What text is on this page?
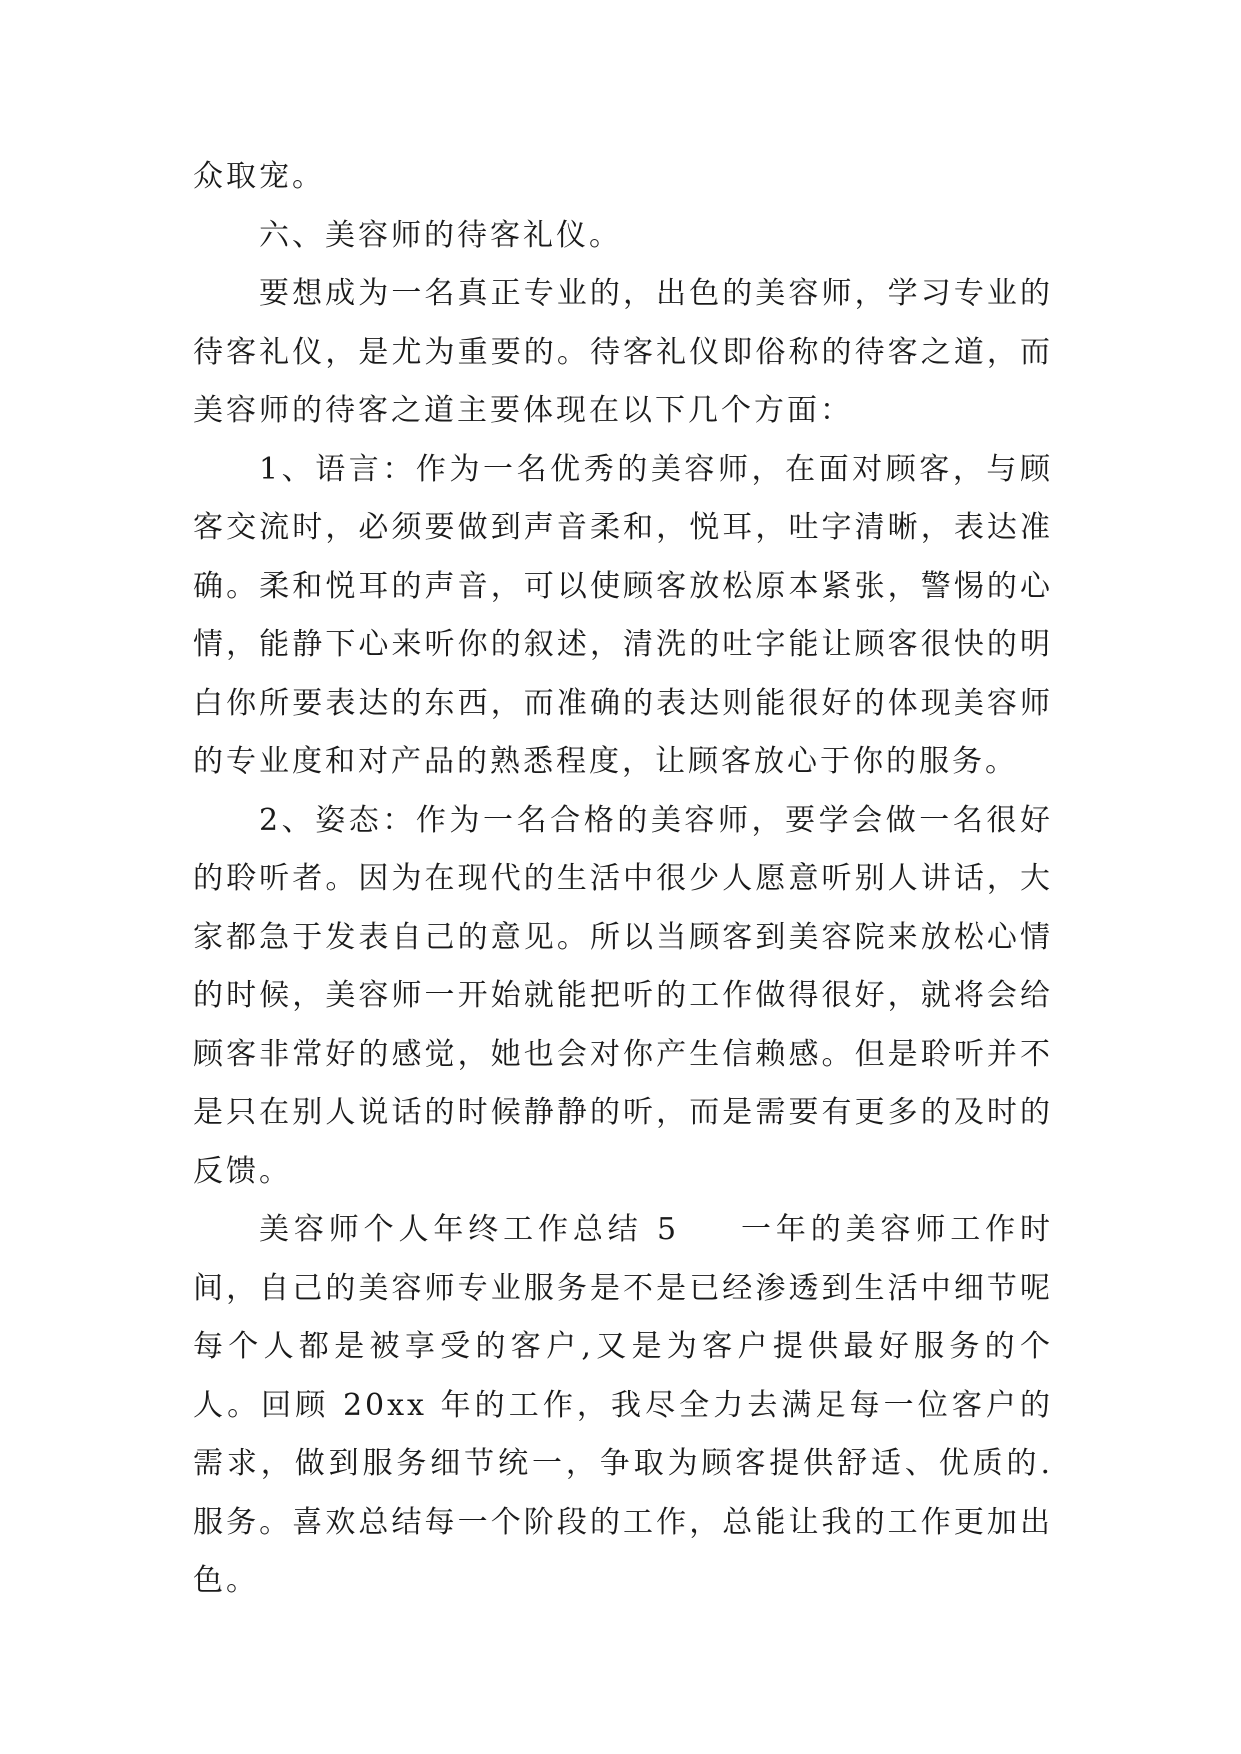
众取宠。

六、美容师的待客礼仪。

要想成为一名真正专业的，出色的美容师，学习专业的待客礼仪，是尤为重要的。待客礼仪即俗称的待客之道，而美容师的待客之道主要体现在以下几个方面：

1、语言：作为一名优秀的美容师，在面对顾客，与顾客交流时，必须要做到声音柔和，悦耳，吐字清晰，表达准确。柔和悦耳的声音，可以使顾客放松原本紧张，警惕的心情，能静下心来听你的叙述，清洗的吐字能让顾客很快的明白你所要表达的东西，而准确的表达则能很好的体现美容师的专业度和对产品的熟悉程度，让顾客放心于你的服务。

2、姿态：作为一名合格的美容师，要学会做一名很好的聆听者。因为在现代的生活中很少人愿意听别人讲话，大家都急于发表自己的意见。所以当顾客到美容院来放松心情的时候，美容师一开始就能把听的工作做得很好，就将会给顾客非常好的感觉，她也会对你产生信赖感。但是聆听并不是只在别人说话的时候静静的听，而是需要有更多的及时的反馈。

美容师个人年终工作总结 5 一年的美容师工作时间，自己的美容师专业服务是不是已经渗透到生活中细节呢每个人都是被享受的客户,又是为客户提供最好服务的个人。回顾 20xx 年的工作，我尽全力去满足每一位客户的需求，做到服务细节统一，争取为顾客提供舒适、优质的.服务。喜欢总结每一个阶段的工作，总能让我的工作更加出色。
